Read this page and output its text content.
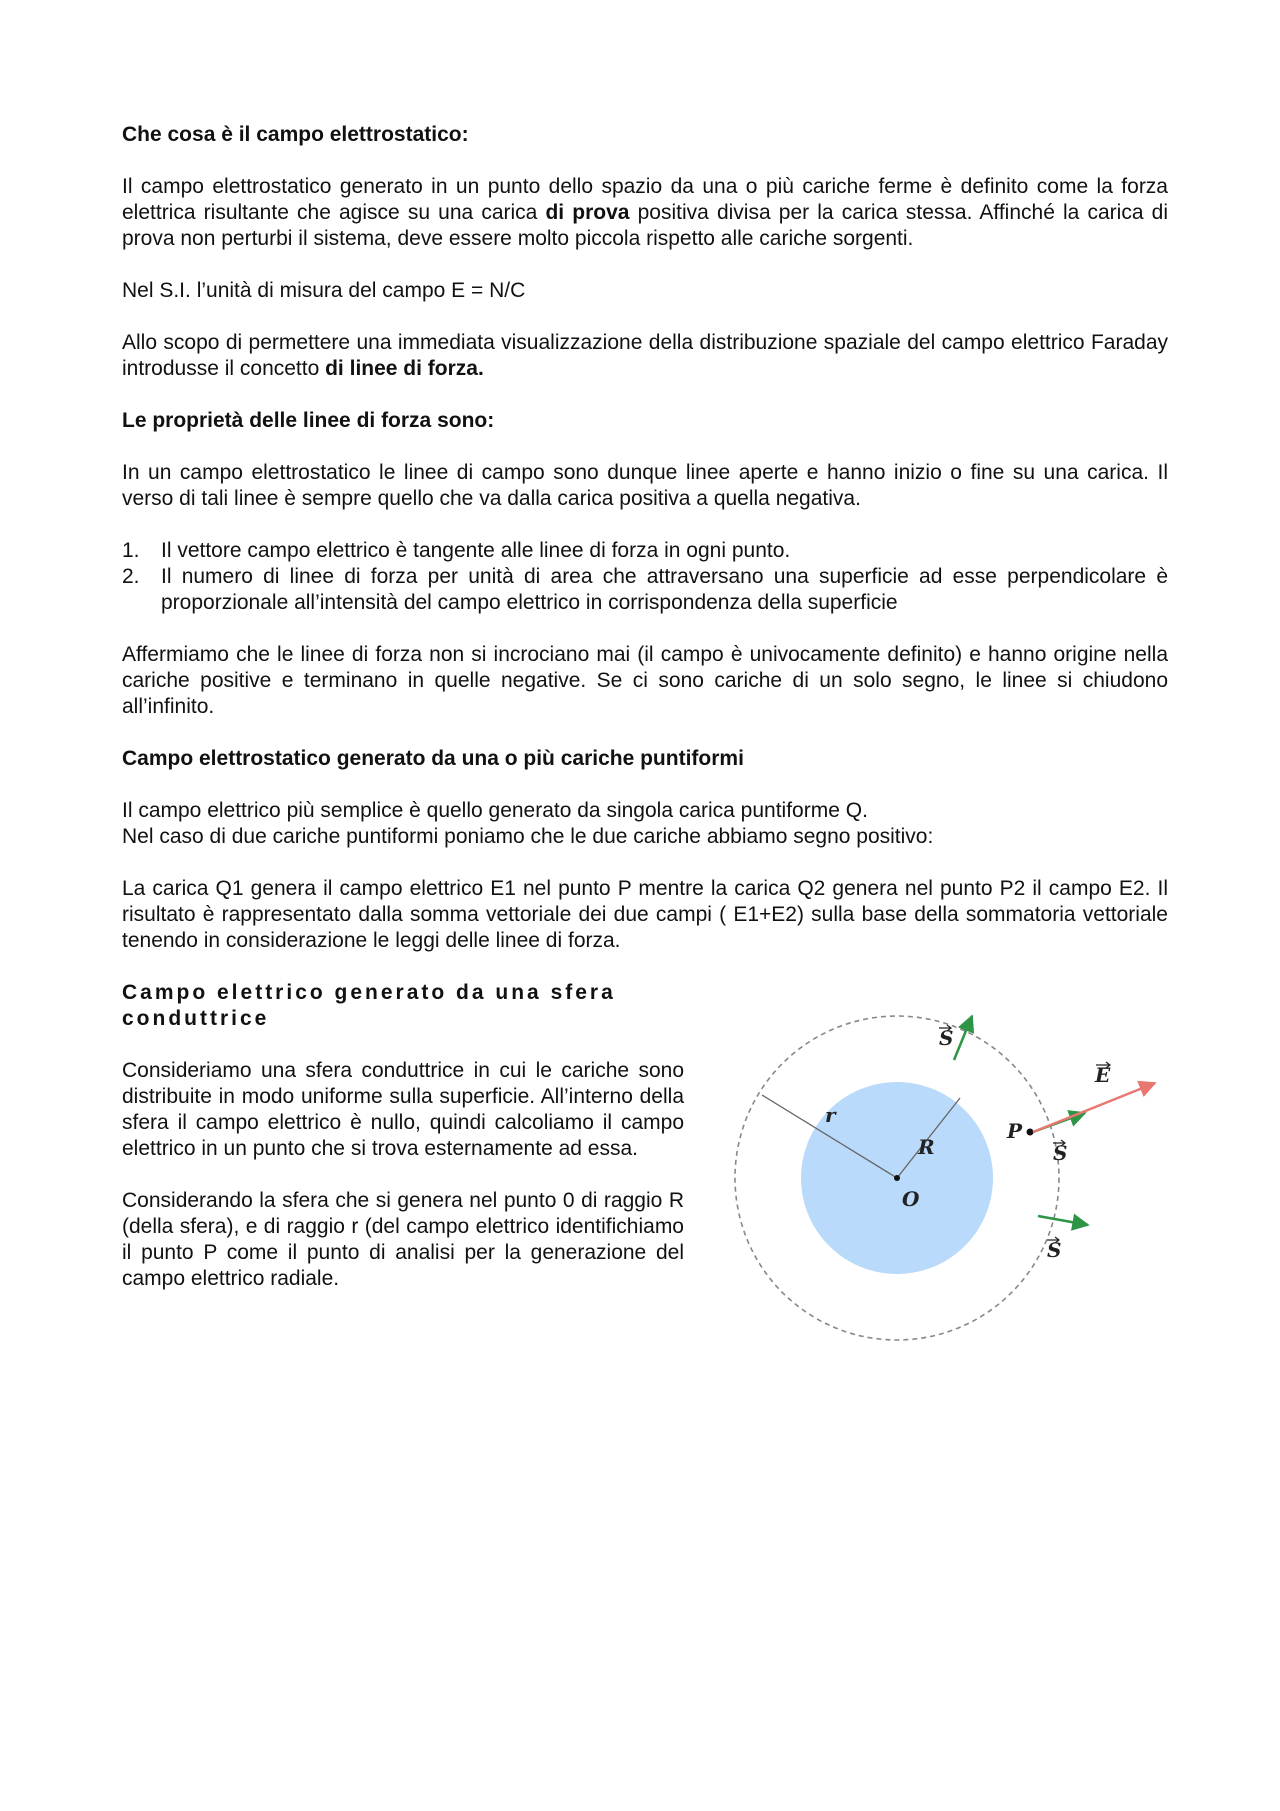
Che cosa è il campo elettrostatico:

Il campo elettrostatico generato in un punto dello spazio da una o più cariche ferme è definito come la forza elettrica risultante che agisce su una carica di prova positiva divisa per la carica stessa. Affinché la carica di prova non perturbi il sistema, deve essere molto piccola rispetto alle cariche sorgenti.

Nel S.I. l’unità di misura del campo E = N/C

Allo scopo di permettere una immediata visualizzazione della distribuzione spaziale del campo elettrico Faraday introdusse il concetto di linee di forza.

Le proprietà delle linee di forza sono:

In un campo elettrostatico le linee di campo sono dunque linee aperte e hanno inizio o fine su una carica. Il verso di tali linee è sempre quello che va dalla carica positiva a quella negativa.

1. Il vettore campo elettrico è tangente alle linee di forza in ogni punto.
2. Il numero di linee di forza per unità di area che attraversano una superficie ad esse perpendicolare è proporzionale all’intensità del campo elettrico in corrispondenza della superficie

Affermiamo che le linee di forza non si incrociano mai (il campo è univocamente definito) e hanno origine nella cariche positive e terminano in quelle negative. Se ci sono cariche di un solo segno, le linee si chiudono all’infinito.

Campo elettrostatico generato da una o più cariche puntiformi

Il campo elettrico più semplice è quello generato da singola carica puntiforme Q.

Nel caso di due cariche puntiformi poniamo che le due cariche abbiamo segno positivo:

La carica Q1 genera il campo elettrico E1 nel punto P mentre la carica Q2 genera nel punto P2 il campo E2. Il risultato è rappresentato dalla somma vettoriale dei due campi ( E1+E2) sulla base della sommatoria vettoriale tenendo in considerazione le leggi delle linee di forza.

Campo elettrico generato da una sfera conduttrice

Consideriamo una sfera conduttrice in cui le cariche sono distribuite in modo uniforme sulla superficie. All’interno della sfera il campo elettrico è nullo, quindi calcoliamo il campo elettrico in un punto che si trova esternamente ad essa.

Considerando la sfera che si genera nel punto 0 di raggio R (della sfera), e di raggio r (del campo elettrico identifichiamo il punto P come il punto di analisi per la generazione del campo elettrico radiale.

S
E
P
S
S
r
R
O
